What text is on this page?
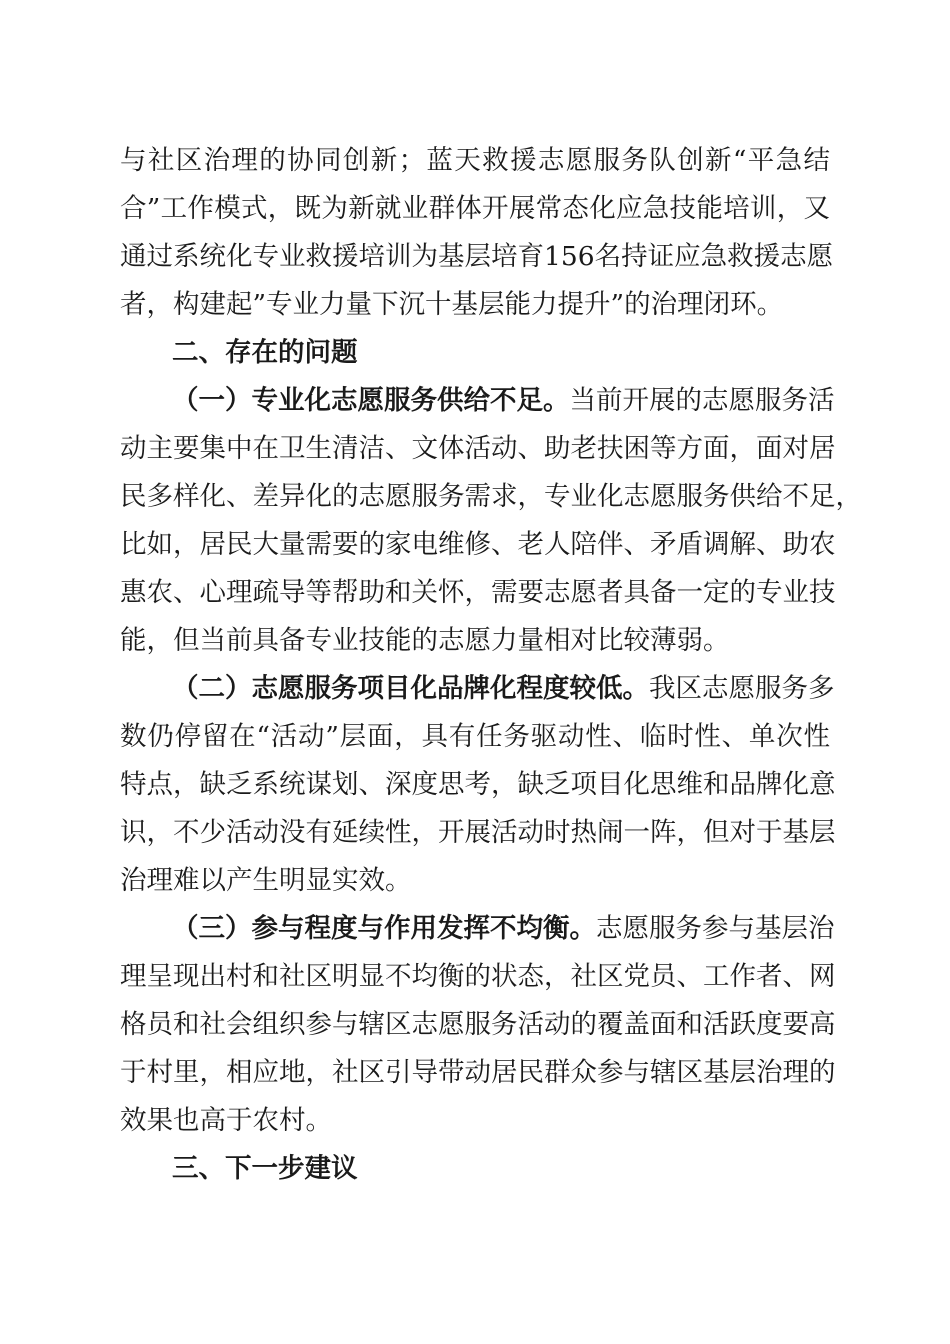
与社区治理的协同创新；蓝天救援志愿服务队创新“平急结
合”工作模式，既为新就业群体开展常态化应急技能培训，又
通过系统化专业救援培训为基层培育156名持证应急救援志愿
者，构建起”专业力量下沉十基层能力提升”的治理闭环。
二、存在的问题
（一）专业化志愿服务供给不足。当前开展的志愿服务活
动主要集中在卫生清洁、文体活动、助老扶困等方面，面对居
民多样化、差异化的志愿服务需求，专业化志愿服务供给不足，
比如，居民大量需要的家电维修、老人陪伴、矛盾调解、助农
惠农、心理疏导等帮助和关怀，需要志愿者具备一定的专业技
能，但当前具备专业技能的志愿力量相对比较薄弱。
（二）志愿服务项目化品牌化程度较低。我区志愿服务多
数仍停留在“活动”层面，具有任务驱动性、临时性、单次性
特点，缺乏系统谋划、深度思考，缺乏项目化思维和品牌化意
识，不少活动没有延续性，开展活动时热闹一阵，但对于基层
治理难以产生明显实效。
（三）参与程度与作用发挥不均衡。志愿服务参与基层治
理呈现出村和社区明显不均衡的状态，社区党员、工作者、网
格员和社会组织参与辖区志愿服务活动的覆盖面和活跃度要高
于村里，相应地，社区引导带动居民群众参与辖区基层治理的
效果也高于农村。
三、下一步建议
